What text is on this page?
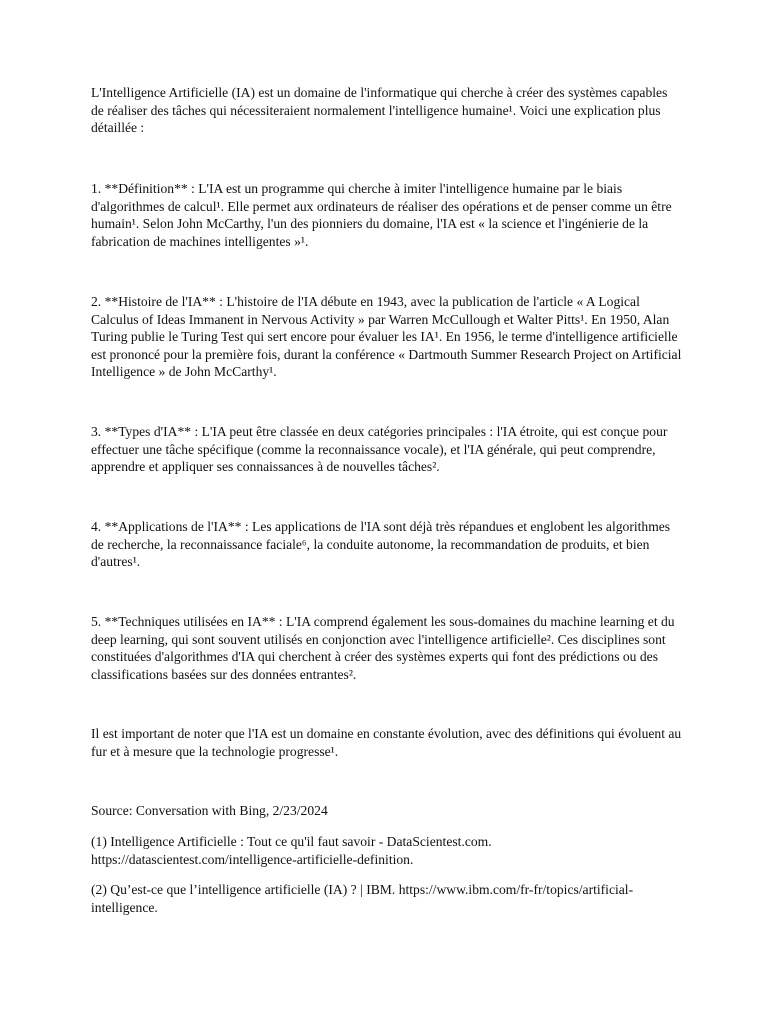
L'Intelligence Artificielle (IA) est un domaine de l'informatique qui cherche à créer des systèmes capables de réaliser des tâches qui nécessiteraient normalement l'intelligence humaine¹. Voici une explication plus détaillée :

1. **Définition** : L'IA est un programme qui cherche à imiter l'intelligence humaine par le biais d'algorithmes de calcul¹. Elle permet aux ordinateurs de réaliser des opérations et de penser comme un être humain¹. Selon John McCarthy, l'un des pionniers du domaine, l'IA est « la science et l'ingénierie de la fabrication de machines intelligentes »¹.

2. **Histoire de l'IA** : L'histoire de l'IA débute en 1943, avec la publication de l'article « A Logical Calculus of Ideas Immanent in Nervous Activity » par Warren McCullough et Walter Pitts¹. En 1950, Alan Turing publie le Turing Test qui sert encore pour évaluer les IA¹. En 1956, le terme d'intelligence artificielle est prononcé pour la première fois, durant la conférence « Dartmouth Summer Research Project on Artificial Intelligence » de John McCarthy¹.

3. **Types d'IA** : L'IA peut être classée en deux catégories principales : l'IA étroite, qui est conçue pour effectuer une tâche spécifique (comme la reconnaissance vocale), et l'IA générale, qui peut comprendre, apprendre et appliquer ses connaissances à de nouvelles tâches².

4. **Applications de l'IA** : Les applications de l'IA sont déjà très répandues et englobent les algorithmes de recherche, la reconnaissance faciale⁶, la conduite autonome, la recommandation de produits, et bien d'autres¹.

5. **Techniques utilisées en IA** : L'IA comprend également les sous-domaines du machine learning et du deep learning, qui sont souvent utilisés en conjonction avec l'intelligence artificielle². Ces disciplines sont constituées d'algorithmes d'IA qui cherchent à créer des systèmes experts qui font des prédictions ou des classifications basées sur des données entrantes².

Il est important de noter que l'IA est un domaine en constante évolution, avec des définitions qui évoluent au fur et à mesure que la technologie progresse¹.

Source: Conversation with Bing, 2/23/2024

(1) Intelligence Artificielle : Tout ce qu'il faut savoir - DataScientest.com. https://datascientest.com/intelligence-artificielle-definition.

(2) Qu’est-ce que l’intelligence artificielle (IA) ? | IBM. https://www.ibm.com/fr-fr/topics/artificial-intelligence.
